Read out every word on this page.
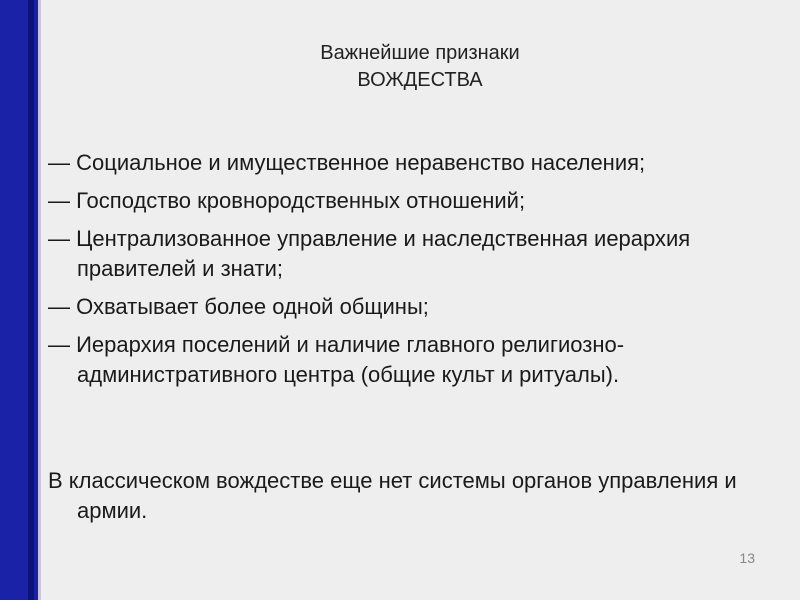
Важнейшие признаки
ВОЖДЕСТВА
— Социальное и имущественное неравенство населения;
— Господство кровнородственных отношений;
— Централизованное управление и наследственная иерархия правителей и знати;
— Охватывает более одной общины;
— Иерархия поселений и наличие главного религиозно-административного центра (общие культ и ритуалы).
В классическом вождестве еще нет системы органов управления и армии.
13
